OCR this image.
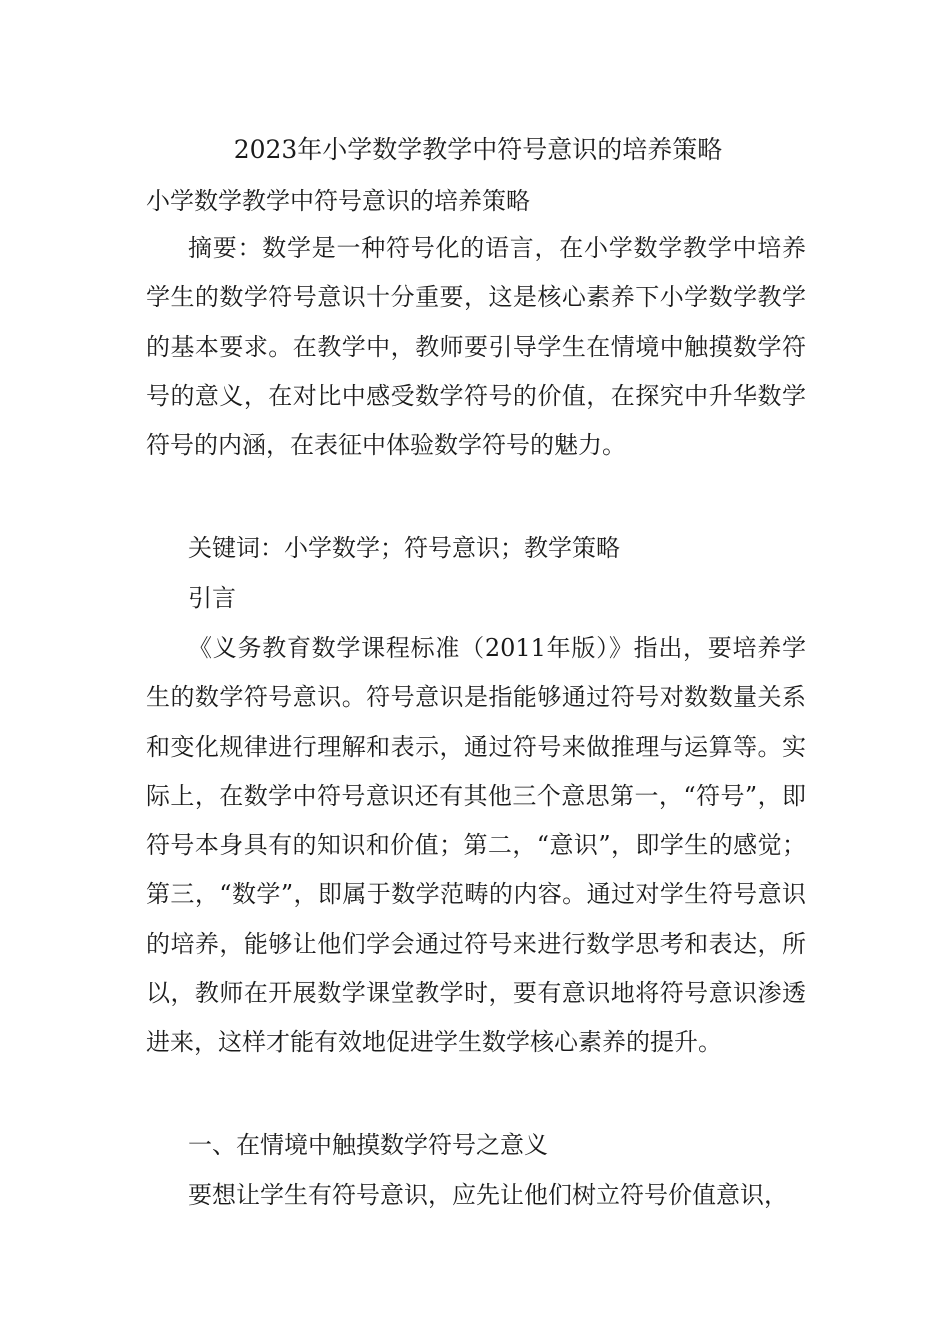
2023年小学数学教学中符号意识的培养策略
小学数学教学中符号意识的培养策略

摘要：数学是一种符号化的语言，在小学数学教学中培养学生的数学符号意识十分重要，这是核心素养下小学数学教学的基本要求。在教学中，教师要引导学生在情境中触摸数学符号的意义，在对比中感受数学符号的价值，在探究中升华数学符号的内涵，在表征中体验数学符号的魅力。

关键词：小学数学；符号意识；教学策略

引言

《义务教育数学课程标准（2011年版）》指出，要培养学生的数学符号意识。符号意识是指能够通过符号对数数量关系和变化规律进行理解和表示，通过符号来做推理与运算等。实际上，在数学中符号意识还有其他三个意思第一，“符号”，即符号本身具有的知识和价值；第二，“意识”，即学生的感觉；第三，“数学”，即属于数学范畴的内容。通过对学生符号意识的培养，能够让他们学会通过符号来进行数学思考和表达，所以，教师在开展数学课堂教学时，要有意识地将符号意识渗透进来，这样才能有效地促进学生数学核心素养的提升。

一、在情境中触摸数学符号之意义

要想让学生有符号意识，应先让他们树立符号价值意识，
